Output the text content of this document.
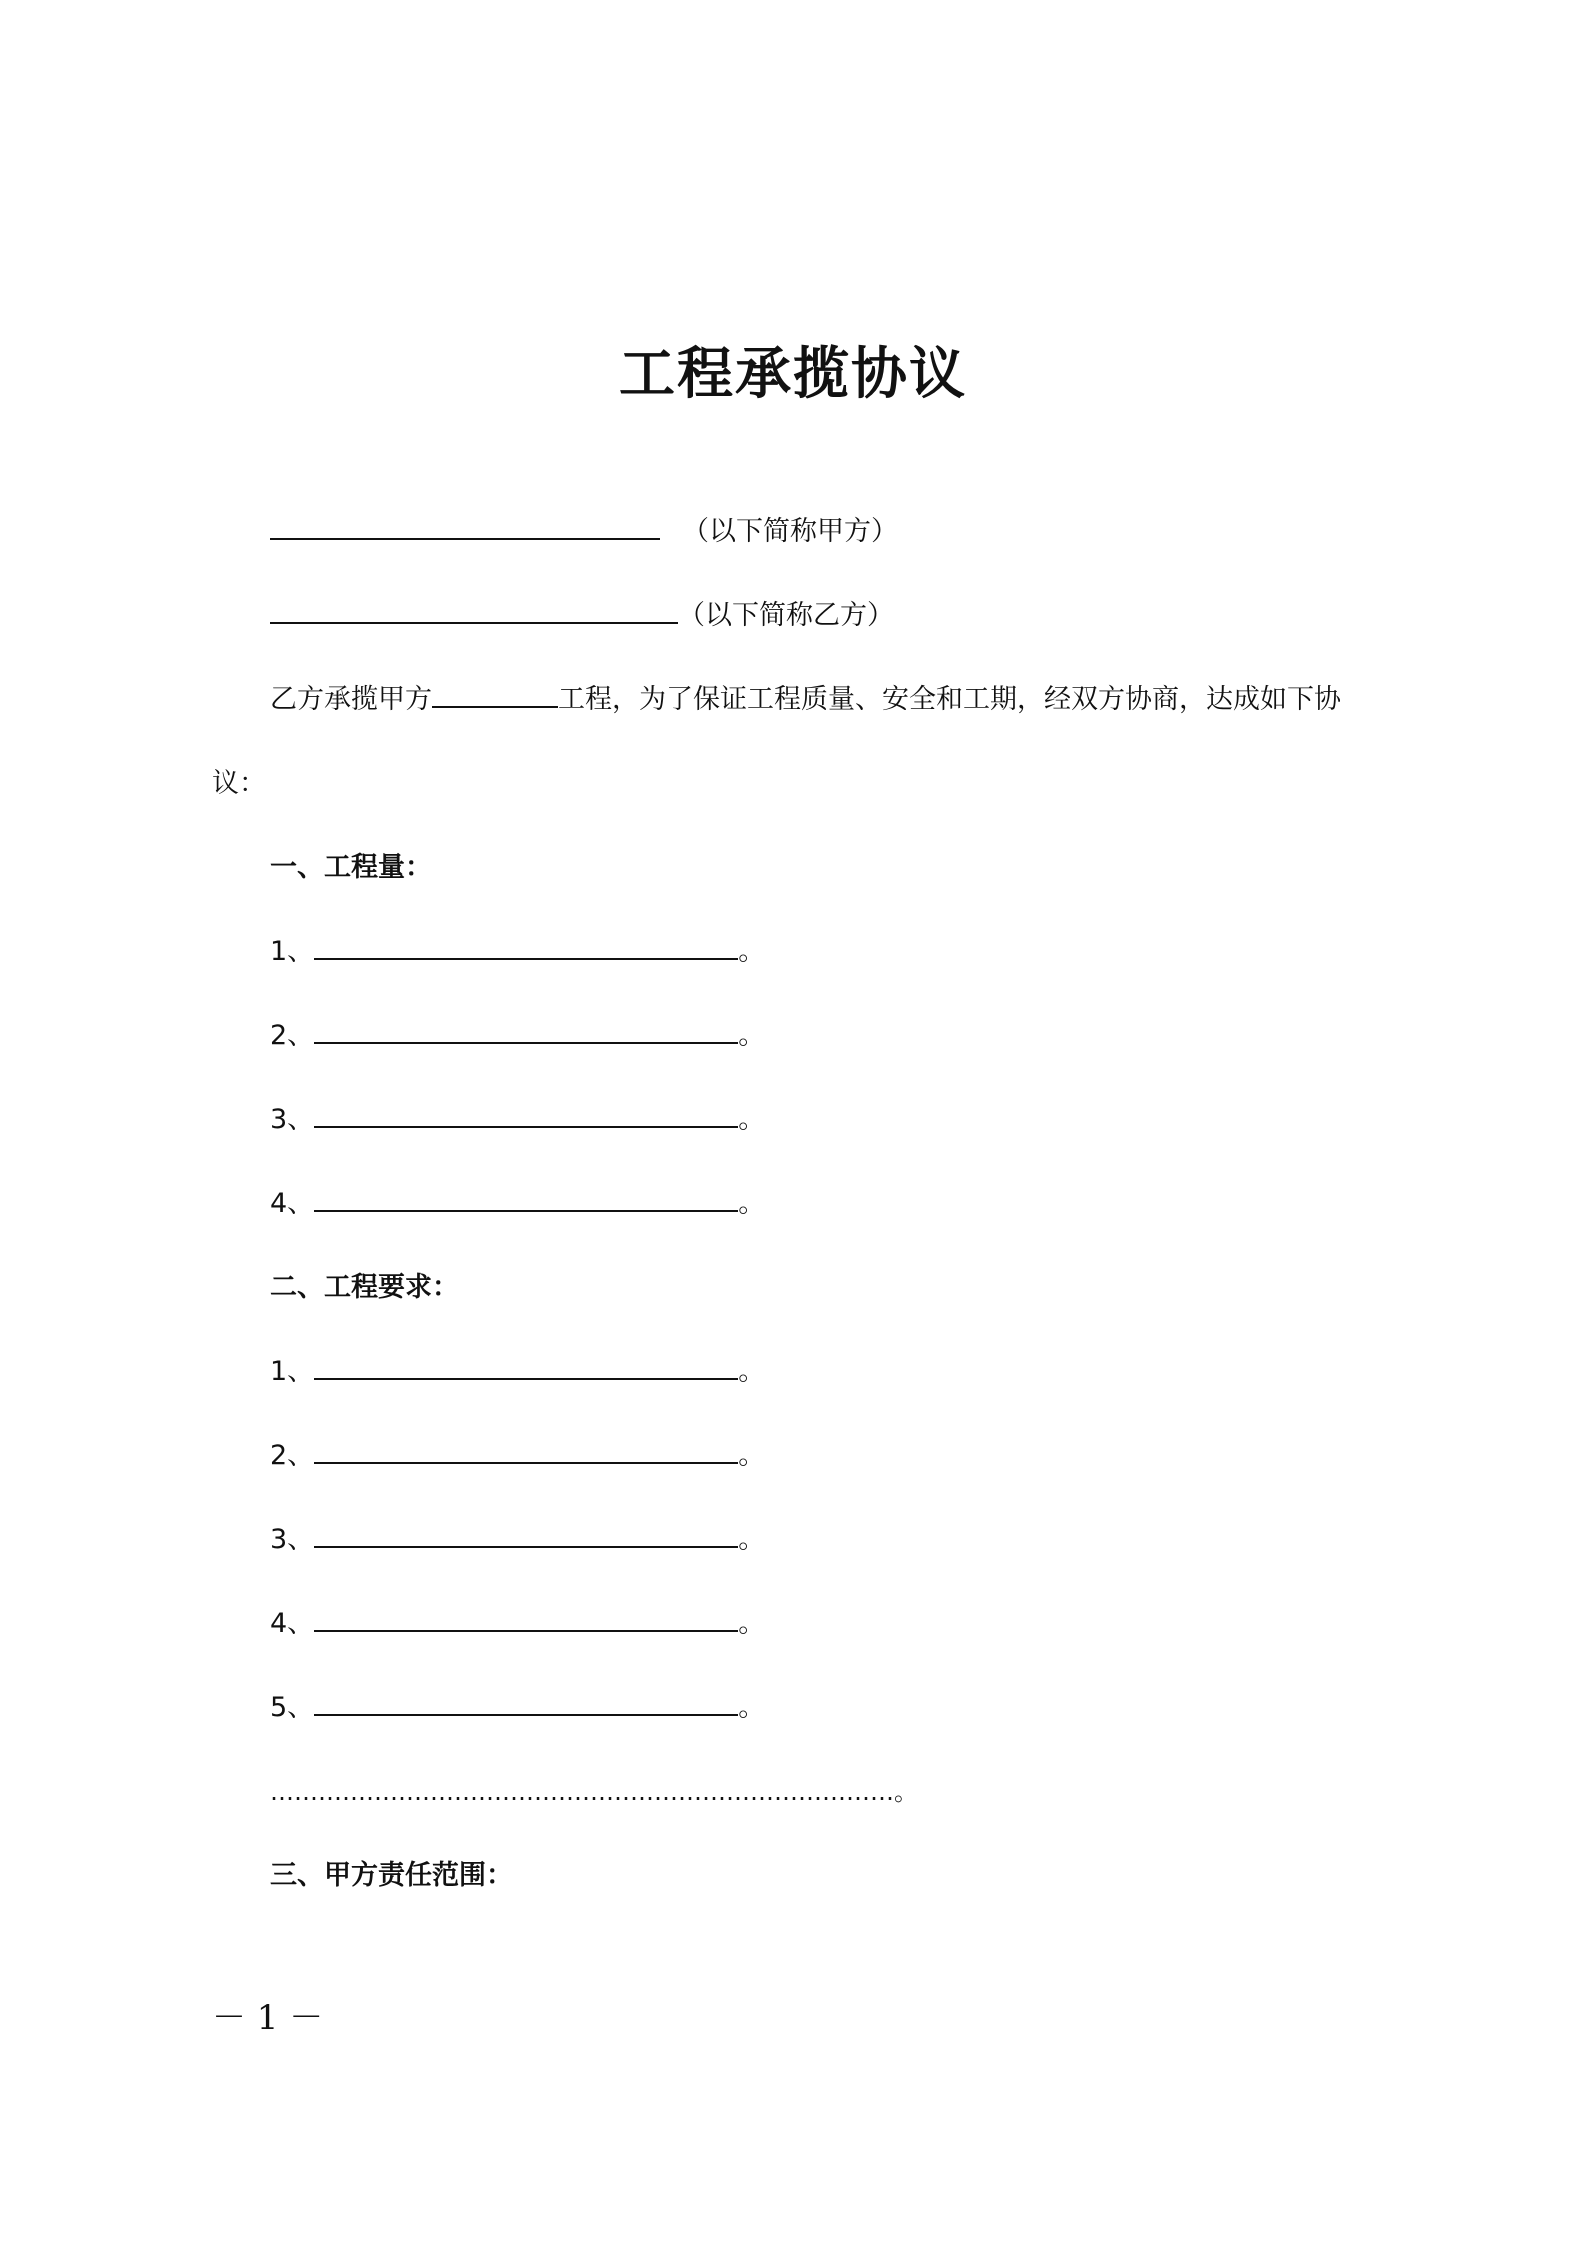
工程承揽协议
（以下简称甲方）
（以下简称乙方）
乙方承揽甲方	工程，为了保证工程质量、安全和工期，经双方协商，达成如下协
议：
一、工程量：
1、	。
2、	。
3、	。
4、	。
二、工程要求：
1、	。
2、	。
3、	。
4、	。
5、	。
……………………………………………………………………。
三、甲方责任范围：
－ 1 －
